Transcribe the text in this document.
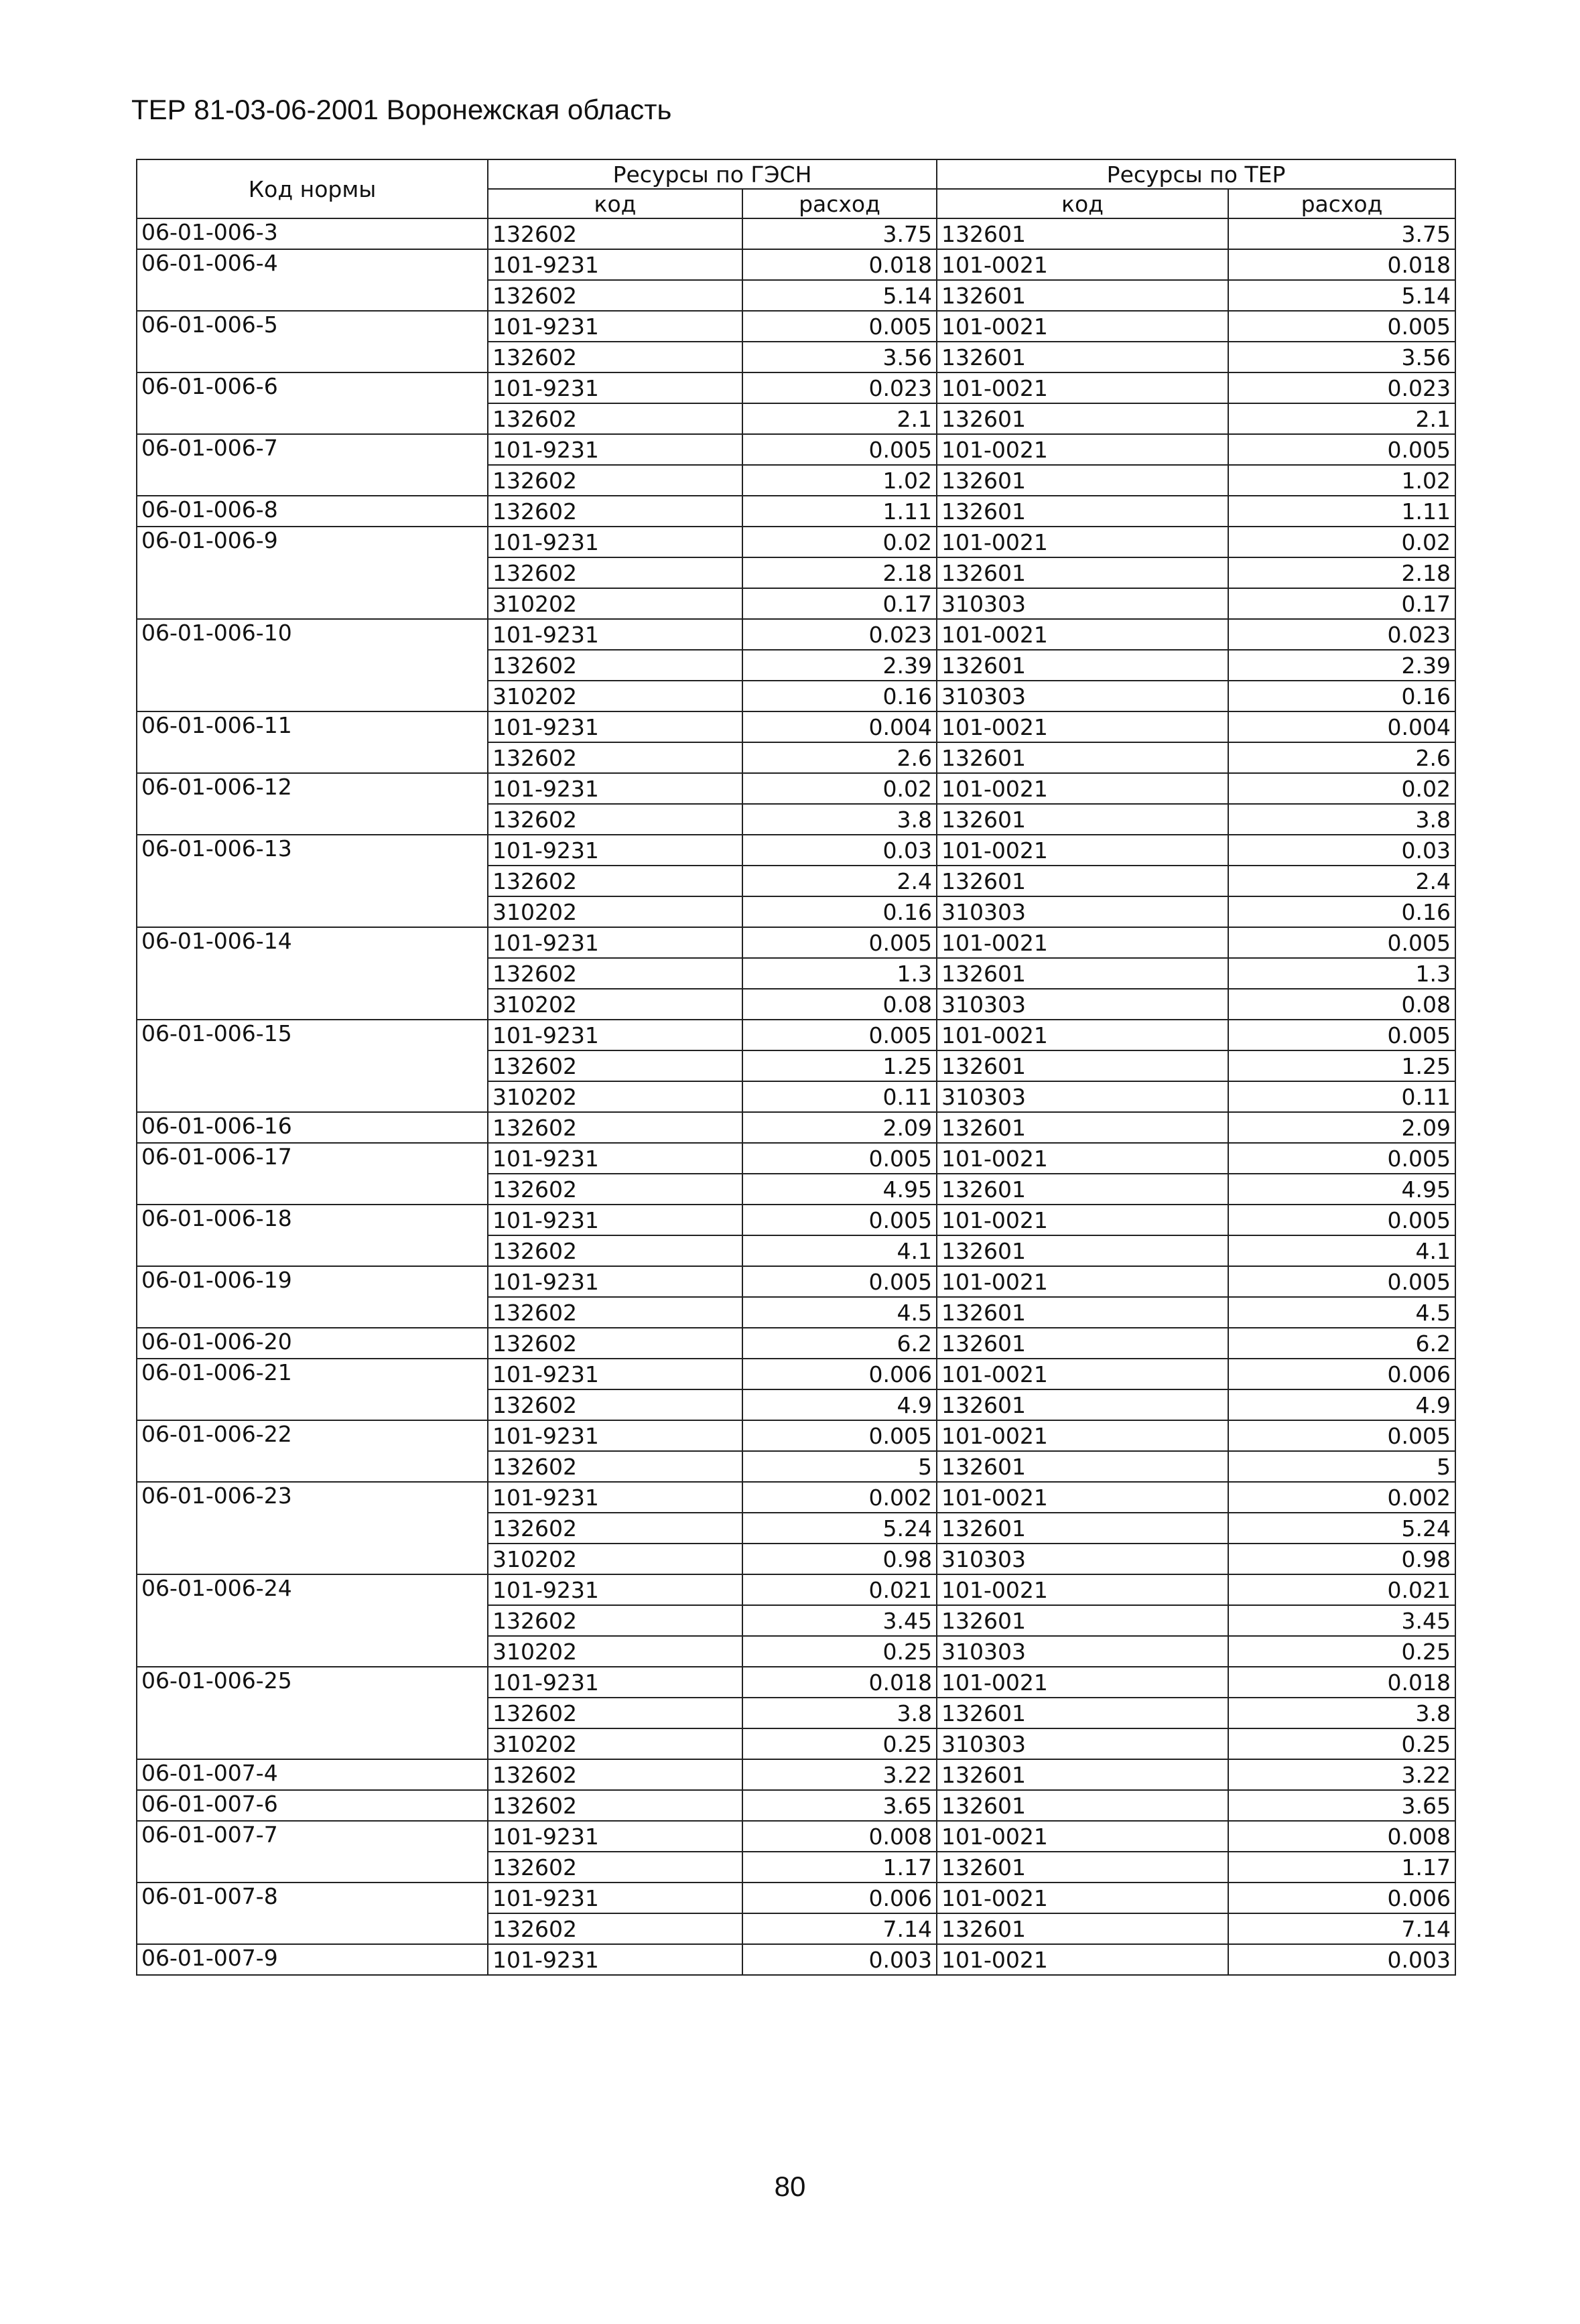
ТЕР 81-03-06-2001 Воронежская область
Код нормы	Ресурсы по ГЭСН		Ресурсы по ТЕР	
	код	расход	код	расход
06-01-006-3	132602	3.75	132601	3.75
06-01-006-4	101-9231	0.018	101-0021	0.018
	132602	5.14	132601	5.14
06-01-006-5	101-9231	0.005	101-0021	0.005
	132602	3.56	132601	3.56
06-01-006-6	101-9231	0.023	101-0021	0.023
	132602	2.1	132601	2.1
06-01-006-7	101-9231	0.005	101-0021	0.005
	132602	1.02	132601	1.02
06-01-006-8	132602	1.11	132601	1.11
06-01-006-9	101-9231	0.02	101-0021	0.02
	132602	2.18	132601	2.18
	310202	0.17	310303	0.17
06-01-006-10	101-9231	0.023	101-0021	0.023
	132602	2.39	132601	2.39
	310202	0.16	310303	0.16
06-01-006-11	101-9231	0.004	101-0021	0.004
	132602	2.6	132601	2.6
06-01-006-12	101-9231	0.02	101-0021	0.02
	132602	3.8	132601	3.8
06-01-006-13	101-9231	0.03	101-0021	0.03
	132602	2.4	132601	2.4
	310202	0.16	310303	0.16
06-01-006-14	101-9231	0.005	101-0021	0.005
	132602	1.3	132601	1.3
	310202	0.08	310303	0.08
06-01-006-15	101-9231	0.005	101-0021	0.005
	132602	1.25	132601	1.25
	310202	0.11	310303	0.11
06-01-006-16	132602	2.09	132601	2.09
06-01-006-17	101-9231	0.005	101-0021	0.005
	132602	4.95	132601	4.95
06-01-006-18	101-9231	0.005	101-0021	0.005
	132602	4.1	132601	4.1
06-01-006-19	101-9231	0.005	101-0021	0.005
	132602	4.5	132601	4.5
06-01-006-20	132602	6.2	132601	6.2
06-01-006-21	101-9231	0.006	101-0021	0.006
	132602	4.9	132601	4.9
06-01-006-22	101-9231	0.005	101-0021	0.005
	132602	5	132601	5
06-01-006-23	101-9231	0.002	101-0021	0.002
	132602	5.24	132601	5.24
	310202	0.98	310303	0.98
06-01-006-24	101-9231	0.021	101-0021	0.021
	132602	3.45	132601	3.45
	310202	0.25	310303	0.25
06-01-006-25	101-9231	0.018	101-0021	0.018
	132602	3.8	132601	3.8
	310202	0.25	310303	0.25
06-01-007-4	132602	3.22	132601	3.22
06-01-007-6	132602	3.65	132601	3.65
06-01-007-7	101-9231	0.008	101-0021	0.008
	132602	1.17	132601	1.17
06-01-007-8	101-9231	0.006	101-0021	0.006
	132602	7.14	132601	7.14
06-01-007-9	101-9231	0.003	101-0021	0.003
80
